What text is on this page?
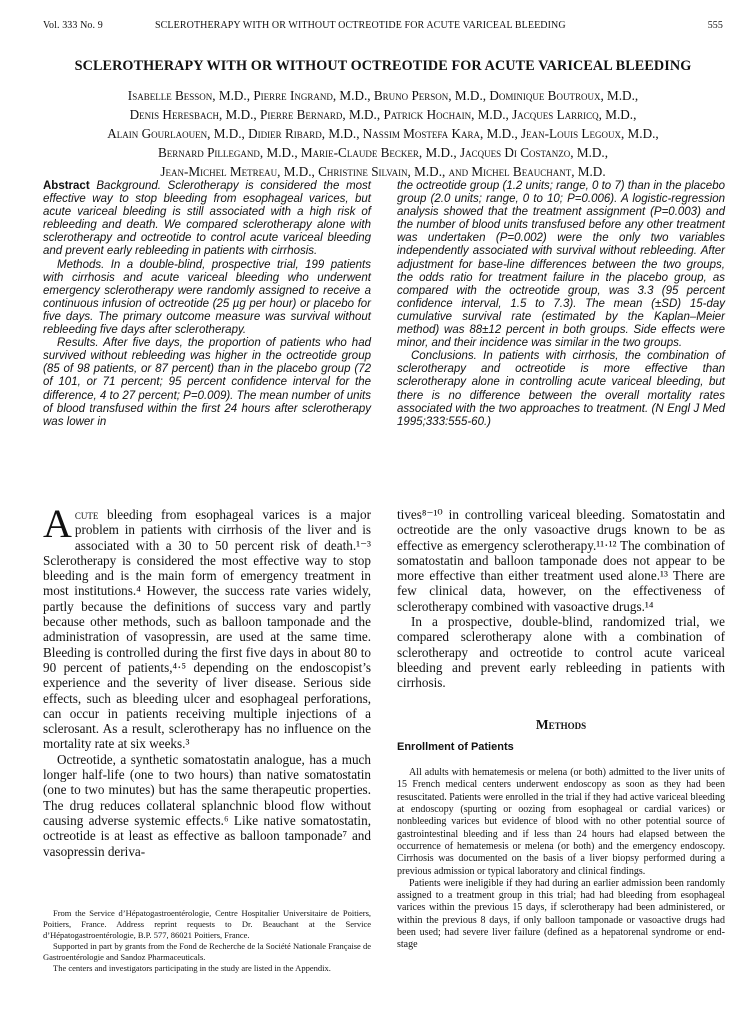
Vol. 333 No. 9	SCLEROTHERAPY WITH OR WITHOUT OCTREOTIDE FOR ACUTE VARICEAL BLEEDING	555
SCLEROTHERAPY WITH OR WITHOUT OCTREOTIDE FOR ACUTE VARICEAL BLEEDING
Isabelle Besson, M.D., Pierre Ingrand, M.D., Bruno Person, M.D., Dominique Boutroux, M.D.,
Denis Heresbach, M.D., Pierre Bernard, M.D., Patrick Hochain, M.D., Jacques Larricq, M.D.,
Alain Gourlaouen, M.D., Didier Ribard, M.D., Nassim Mostefa Kara, M.D., Jean-Louis Legoux, M.D.,
Bernard Pillegand, M.D., Marie-Claude Becker, M.D., Jacques Di Costanzo, M.D.,
Jean-Michel Metreau, M.D., Christine Silvain, M.D., and Michel Beauchant, M.D.

Abstract Background. Sclerotherapy is considered the most effective way to stop bleeding from esophageal varices, but acute variceal bleeding is still associated with a high risk of rebleeding and death. We compared sclerotherapy alone with sclerotherapy and octreotide to control acute variceal bleeding and prevent early rebleeding in patients with cirrhosis.

Methods. In a double-blind, prospective trial, 199 patients with cirrhosis and acute variceal bleeding who underwent emergency sclerotherapy were randomly assigned to receive a continuous infusion of octreotide (25 µg per hour) or placebo for five days. The primary outcome measure was survival without rebleeding five days after sclerotherapy.

Results. After five days, the proportion of patients who had survived without rebleeding was higher in the octreotide group (85 of 98 patients, or 87 percent) than in the placebo group (72 of 101, or 71 percent; 95 percent confidence interval for the difference, 4 to 27 percent; P=0.009). The mean number of units of blood transfused within the first 24 hours after sclerotherapy was lower in

the octreotide group (1.2 units; range, 0 to 7) than in the placebo group (2.0 units; range, 0 to 10; P=0.006). A logistic-regression analysis showed that the treatment assignment (P=0.003) and the number of blood units transfused before any other treatment was undertaken (P=0.002) were the only two variables independently associated with survival without rebleeding. After adjustment for base-line differences between the two groups, the odds ratio for treatment failure in the placebo group, as compared with the octreotide group, was 3.3 (95 percent confidence interval, 1.5 to 7.3). The mean (±SD) 15-day cumulative survival rate (estimated by the Kaplan–Meier method) was 88±12 percent in both groups. Side effects were minor, and their incidence was similar in the two groups.

Conclusions. In patients with cirrhosis, the combination of sclerotherapy and octreotide is more effective than sclerotherapy alone in controlling acute variceal bleeding, but there is no difference between the overall mortality rates associated with the two approaches to treatment. (N Engl J Med 1995;333:555-60.)

Acute bleeding from esophageal varices is a major problem in patients with cirrhosis of the liver and is associated with a 30 to 50 percent risk of death.¹⁻³ Sclerotherapy is considered the most effective way to stop bleeding and is the main form of emergency treatment in most institutions.⁴ However, the success rate varies widely, partly because the definitions of success vary and partly because other methods, such as balloon tamponade and the administration of vasopressin, are used at the same time. Bleeding is controlled during the first five days in about 80 to 90 percent of patients,⁴·⁵ depending on the endoscopist’s experience and the severity of liver disease. Serious side effects, such as bleeding ulcer and esophageal perforations, can occur in patients receiving multiple injections of a sclerosant. As a result, sclerotherapy has no influence on the mortality rate at six weeks.³

Octreotide, a synthetic somatostatin analogue, has a much longer half-life (one to two hours) than native somatostatin (one to two minutes) but has the same therapeutic properties. The drug reduces collateral splanchnic blood flow without causing adverse systemic effects.⁶ Like native somatostatin, octreotide is at least as effective as balloon tamponade⁷ and vasopressin deriva-

tives⁸⁻¹⁰ in controlling variceal bleeding. Somatostatin and octreotide are the only vasoactive drugs known to be as effective as emergency sclerotherapy.¹¹·¹² The combination of somatostatin and balloon tamponade does not appear to be more effective than either treatment used alone.¹³ There are few clinical data, however, on the effectiveness of sclerotherapy combined with vasoactive drugs.¹⁴

In a prospective, double-blind, randomized trial, we compared sclerotherapy alone with a combination of sclerotherapy and octreotide to control acute variceal bleeding and prevent early rebleeding in patients with cirrhosis.

Methods
Enrollment of Patients

All adults with hematemesis or melena (or both) admitted to the liver units of 15 French medical centers underwent endoscopy as soon as they had been resuscitated. Patients were enrolled in the trial if they had active variceal bleeding at endoscopy (spurting or oozing from esophageal or cardial varices) or nonbleeding varices but evidence of blood with no other potential source of gastrointestinal bleeding and if less than 24 hours had elapsed between the occurrence of hematemesis or melena (or both) and the emergency endoscopy. Cirrhosis was documented on the basis of a liver biopsy performed during a previous admission or typical laboratory and clinical findings.

Patients were ineligible if they had during an earlier admission been randomly assigned to a treatment group in this trial; had had bleeding from esophageal varices within the previous 15 days, if sclerotherapy had been administered, or within the previous 8 days, if only balloon tamponade or vasoactive drugs had been used; had severe liver failure (defined as a hepatorenal syndrome or end-stage

From the Service d’Hépatogastroentérologie, Centre Hospitalier Universitaire de Poitiers, Poitiers, France. Address reprint requests to Dr. Beauchant at the Service d’Hépatogastroentérologie, B.P. 577, 86021 Poitiers, France.

Supported in part by grants from the Fond de Recherche de la Société Nationale Française de Gastroentérologie and Sandoz Pharmaceuticals.

The centers and investigators participating in the study are listed in the Appendix.
